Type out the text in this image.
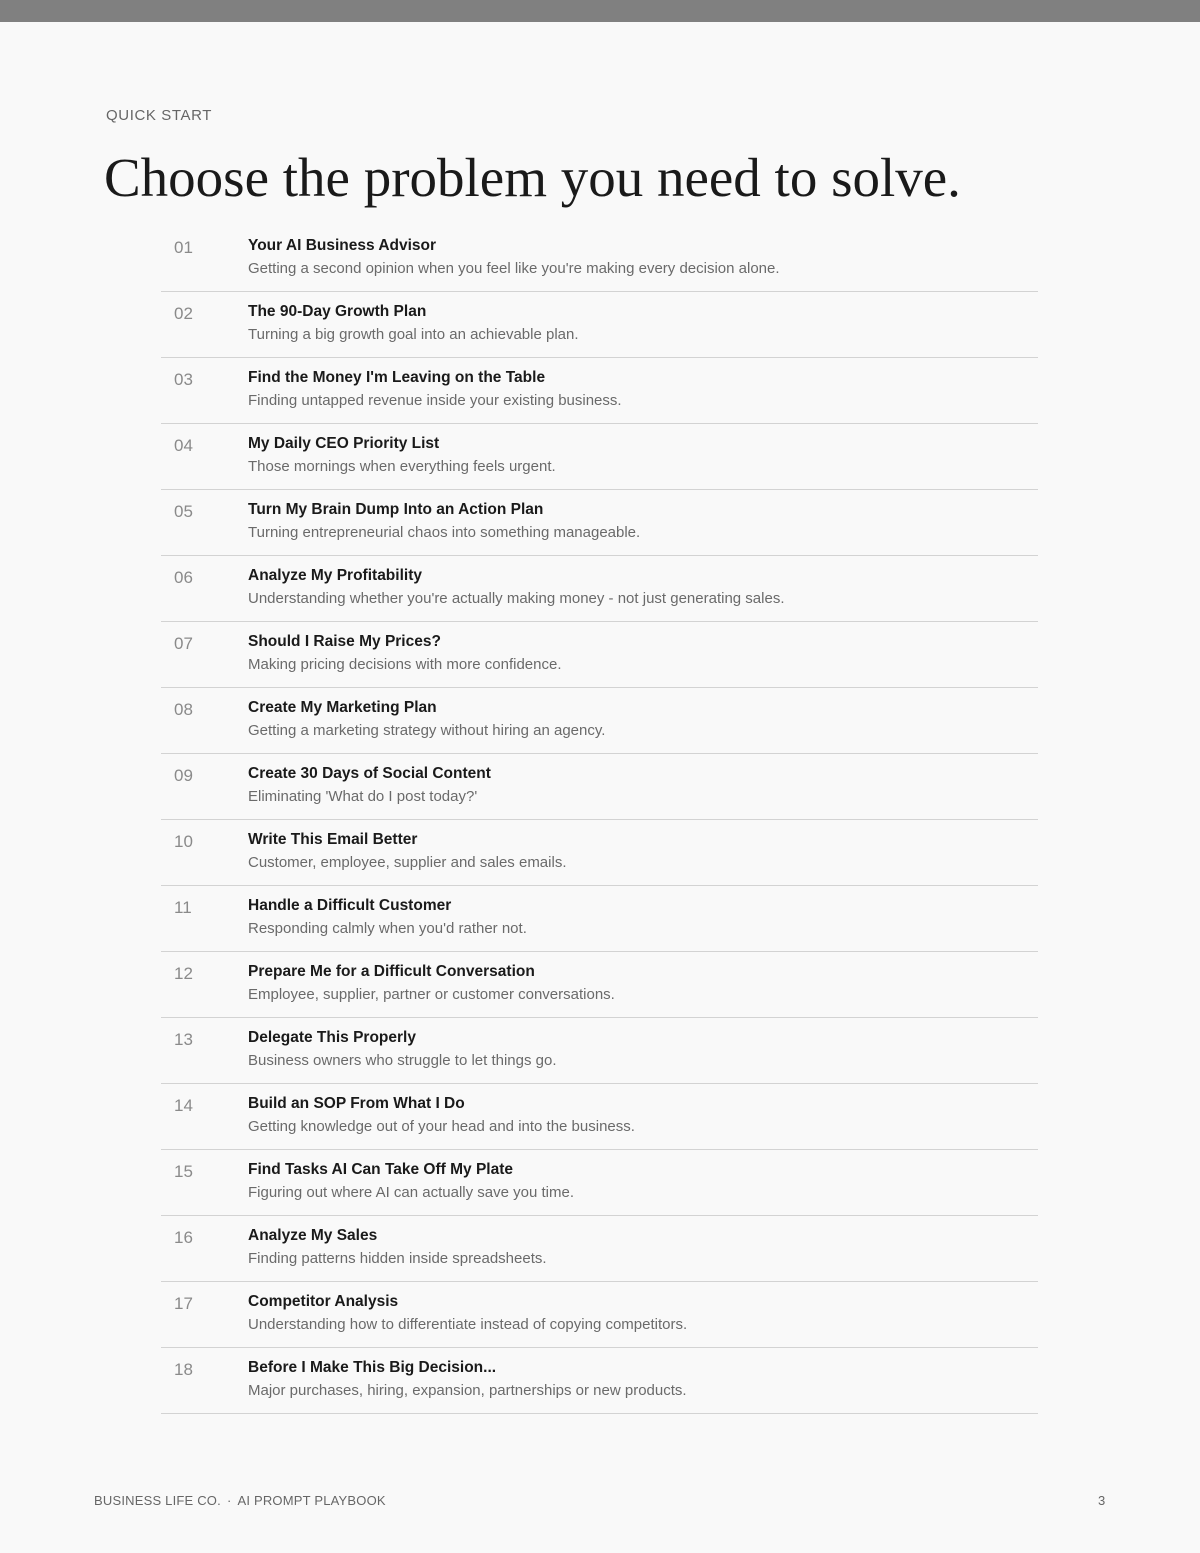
QUICK START
Choose the problem you need to solve.
01	Your AI Business Advisor
Getting a second opinion when you feel like you're making every decision alone.
02	The 90-Day Growth Plan
Turning a big growth goal into an achievable plan.
03	Find the Money I'm Leaving on the Table
Finding untapped revenue inside your existing business.
04	My Daily CEO Priority List
Those mornings when everything feels urgent.
05	Turn My Brain Dump Into an Action Plan
Turning entrepreneurial chaos into something manageable.
06	Analyze My Profitability
Understanding whether you're actually making money - not just generating sales.
07	Should I Raise My Prices?
Making pricing decisions with more confidence.
08	Create My Marketing Plan
Getting a marketing strategy without hiring an agency.
09	Create 30 Days of Social Content
Eliminating 'What do I post today?'
10	Write This Email Better
Customer, employee, supplier and sales emails.
11	Handle a Difficult Customer
Responding calmly when you'd rather not.
12	Prepare Me for a Difficult Conversation
Employee, supplier, partner or customer conversations.
13	Delegate This Properly
Business owners who struggle to let things go.
14	Build an SOP From What I Do
Getting knowledge out of your head and into the business.
15	Find Tasks AI Can Take Off My Plate
Figuring out where AI can actually save you time.
16	Analyze My Sales
Finding patterns hidden inside spreadsheets.
17	Competitor Analysis
Understanding how to differentiate instead of copying competitors.
18	Before I Make This Big Decision...
Major purchases, hiring, expansion, partnerships or new products.
BUSINESS LIFE CO. · AI PROMPT PLAYBOOK	3
